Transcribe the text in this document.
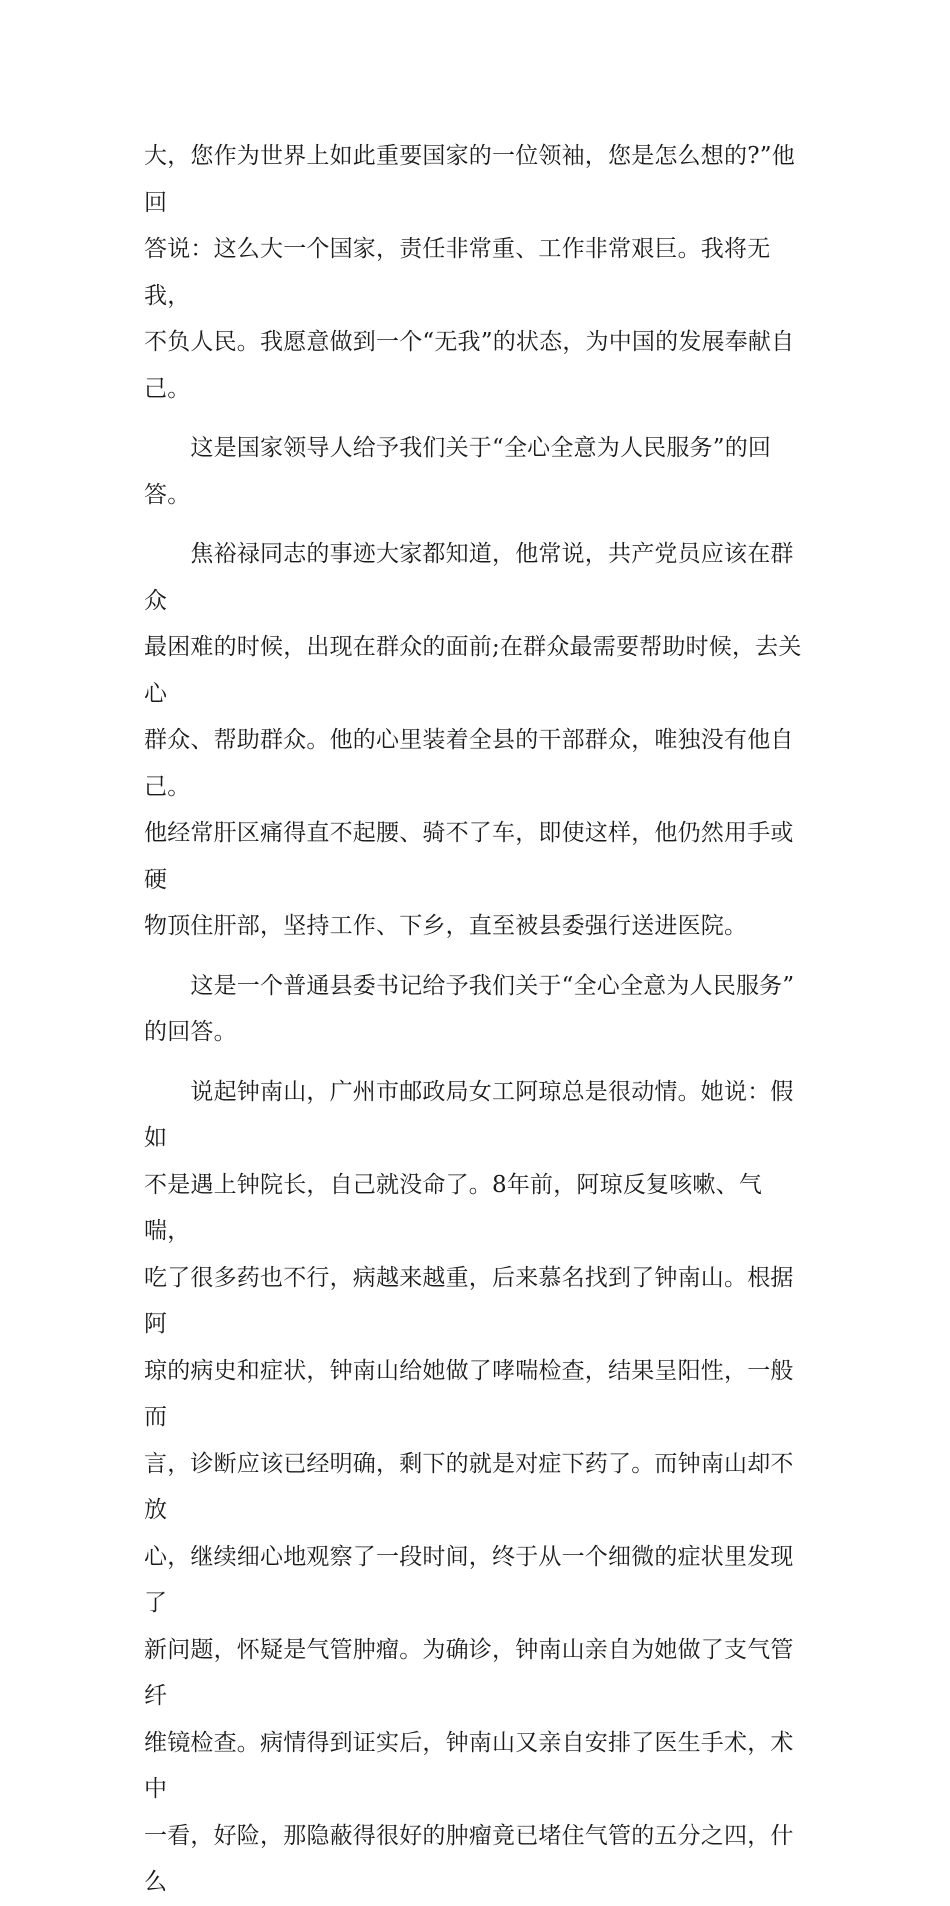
大，您作为世界上如此重要国家的一位领袖，您是怎么想的?”他回
答说：这么大一个国家，责任非常重、工作非常艰巨。我将无我，
不负人民。我愿意做到一个“无我”的状态，为中国的发展奉献自
己。

　　这是国家领导人给予我们关于“全心全意为人民服务”的回答。

　　焦裕禄同志的事迹大家都知道，他常说，共产党员应该在群众
最困难的时候，出现在群众的面前;在群众最需要帮助时候，去关心
群众、帮助群众。他的心里装着全县的干部群众，唯独没有他自己。
他经常肝区痛得直不起腰、骑不了车，即使这样，他仍然用手或硬
物顶住肝部，坚持工作、下乡，直至被县委强行送进医院。

　　这是一个普通县委书记给予我们关于“全心全意为人民服务”
的回答。

　　说起钟南山，广州市邮政局女工阿琼总是很动情。她说：假如
不是遇上钟院长，自己就没命了。8年前，阿琼反复咳嗽、气喘，
吃了很多药也不行，病越来越重，后来慕名找到了钟南山。根据阿
琼的病史和症状，钟南山给她做了哮喘检查，结果呈阳性，一般而
言，诊断应该已经明确，剩下的就是对症下药了。而钟南山却不放
心，继续细心地观察了一段时间，终于从一个细微的症状里发现了
新问题，怀疑是气管肿瘤。为确诊，钟南山亲自为她做了支气管纤
维镜检查。病情得到证实后，钟南山又亲自安排了医生手术，术中
一看，好险，那隐蔽得很好的肿瘤竟已堵住气管的五分之四，什么
